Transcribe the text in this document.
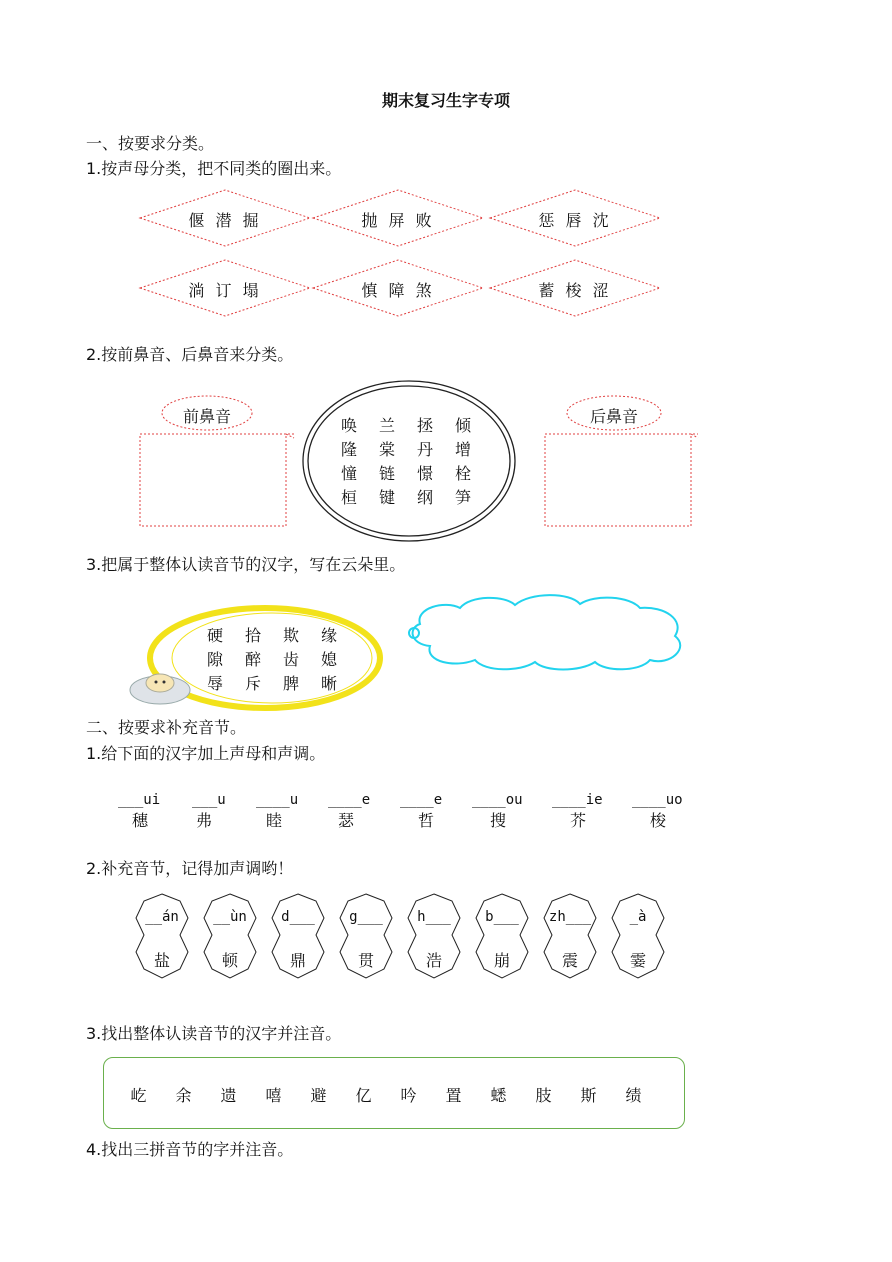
期末复习生字专项
一、按要求分类。
1.按声母分类，把不同类的圈出来。
偃 潜 掘	抛 屏 败	惩 唇 沈
淌 订 塌	慎 障 煞	蓄 梭 涩
2.按前鼻音、后鼻音来分类。
前鼻音	后鼻音
唤 兰 拯 倾
隆 棠 丹 增
憧 链 憬 栓
桓 键 纲 笋
3.把属于整体认读音节的汉字，写在云朵里。
硬 拾 欺 缘
隙 醉 齿 媳
辱 斥 脾 晰
二、按要求补充音节。
1.给下面的汉字加上声母和声调。
___ui
穗
___u
弗
____u
睦
____e
瑟
____e
哲
____ou
搜
____ie
芥
____uo
梭
2.补充音节，记得加声调哟！
__án
盐
__ùn
顿
d___
鼎
g___
贯
h___
浩
b___
崩
zh___
震
_à
霎
3.找出整体认读音节的汉字并注音。
屹 余 遗 嘻 避 亿 吟 置 蟋 肢 斯 绩
4.找出三拼音节的字并注音。
